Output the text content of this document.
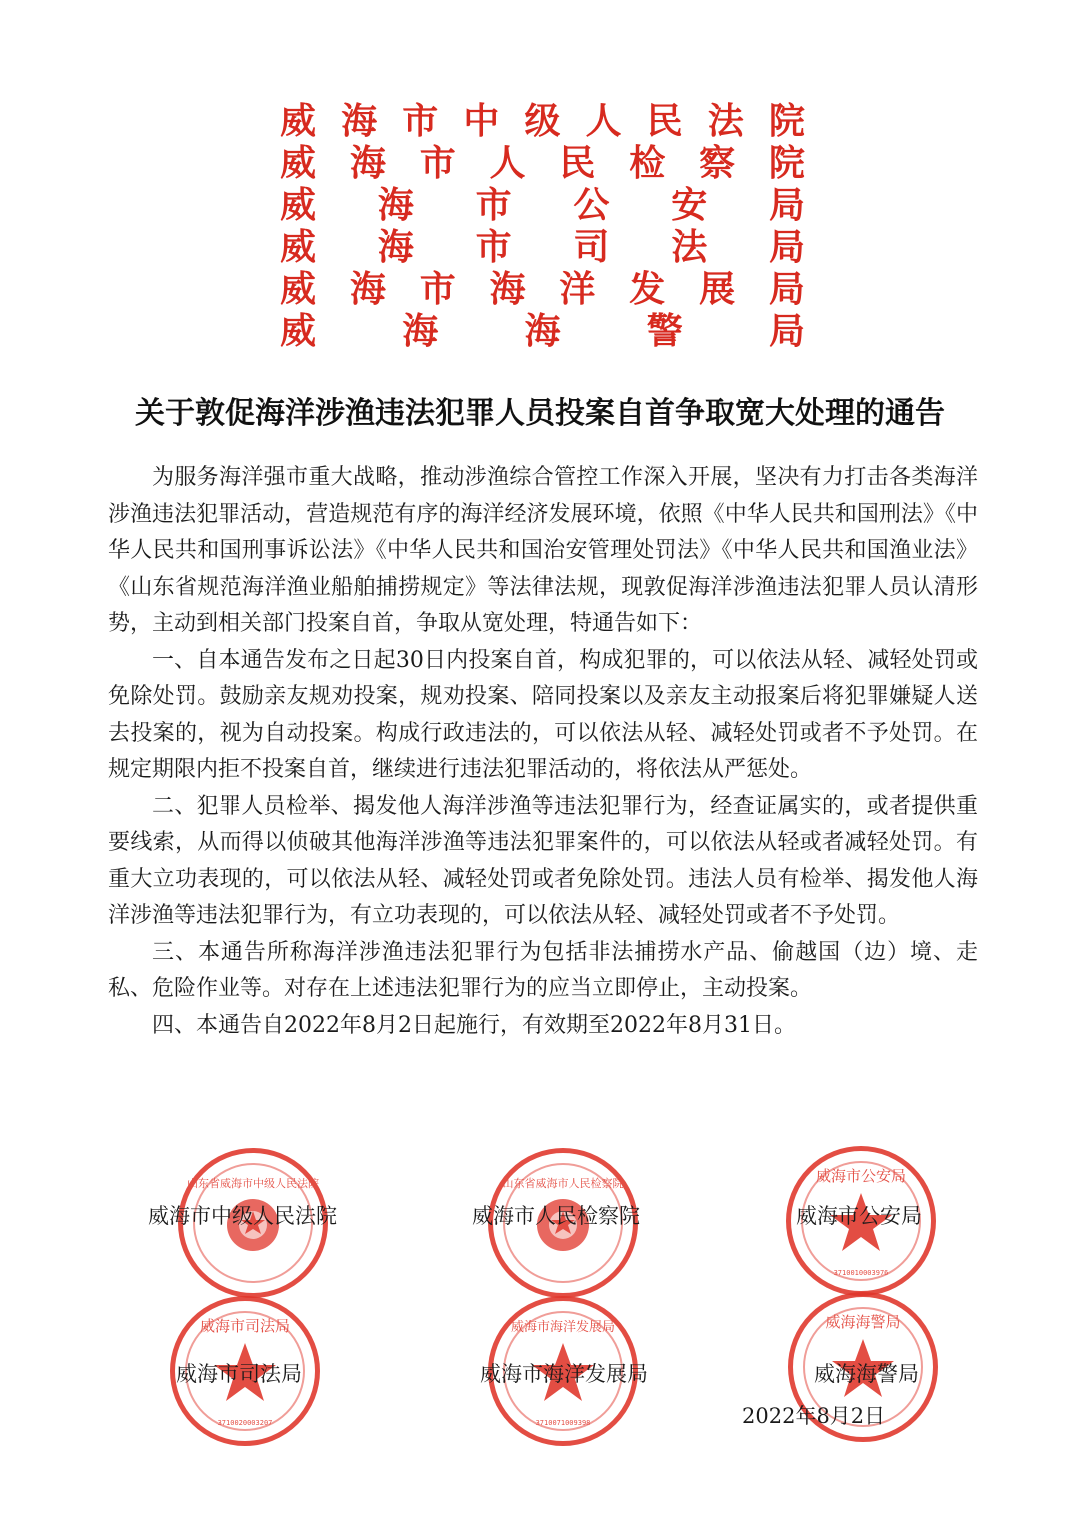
威 海 市 中 级 人 民 法 院
威 海 市 人 民 检 察 院
威 海 市 公 安 局
威 海 市 司 法 局
威 海 市 海 洋 发 展 局
威 海 海 警 局
关于敦促海洋涉渔违法犯罪人员投案自首争取宽大处理的通告

为服务海洋强市重大战略，推动涉渔综合管控工作深入开展，坚决有力打击各类海洋涉渔违法犯罪活动，营造规范有序的海洋经济发展环境，依照《中华人民共和国刑法》《中华人民共和国刑事诉讼法》《中华人民共和国治安管理处罚法》《中华人民共和国渔业法》《山东省规范海洋渔业船舶捕捞规定》等法律法规，现敦促海洋涉渔违法犯罪人员认清形势，主动到相关部门投案自首，争取从宽处理，特通告如下：

一、自本通告发布之日起30日内投案自首，构成犯罪的，可以依法从轻、减轻处罚或免除处罚。鼓励亲友规劝投案，规劝投案、陪同投案以及亲友主动报案后将犯罪嫌疑人送去投案的，视为自动投案。构成行政违法的，可以依法从轻、减轻处罚或者不予处罚。在规定期限内拒不投案自首，继续进行违法犯罪活动的，将依法从严惩处。

二、犯罪人员检举、揭发他人海洋涉渔等违法犯罪行为，经查证属实的，或者提供重要线索，从而得以侦破其他海洋涉渔等违法犯罪案件的，可以依法从轻或者减轻处罚。有重大立功表现的，可以依法从轻、减轻处罚或者免除处罚。违法人员有检举、揭发他人海洋涉渔等违法犯罪行为，有立功表现的，可以依法从轻、减轻处罚或者不予处罚。

三、本通告所称海洋涉渔违法犯罪行为包括非法捕捞水产品、偷越国（边）境、走私、危险作业等。对存在上述违法犯罪行为的应当立即停止，主动投案。

四、本通告自2022年8月2日起施行，有效期至2022年8月31日。

山东省威海市中级人民法院
威海市中级人民法院
山东省威海市人民检察院
威海市人民检察院
威海市公安局
3710010003976
威海市公安局
威海市司法局
3710020003207
威海市司法局
威海市海洋发展局
3710071009398
威海市海洋发展局
威海海警局
威海海警局
2022年8月2日
